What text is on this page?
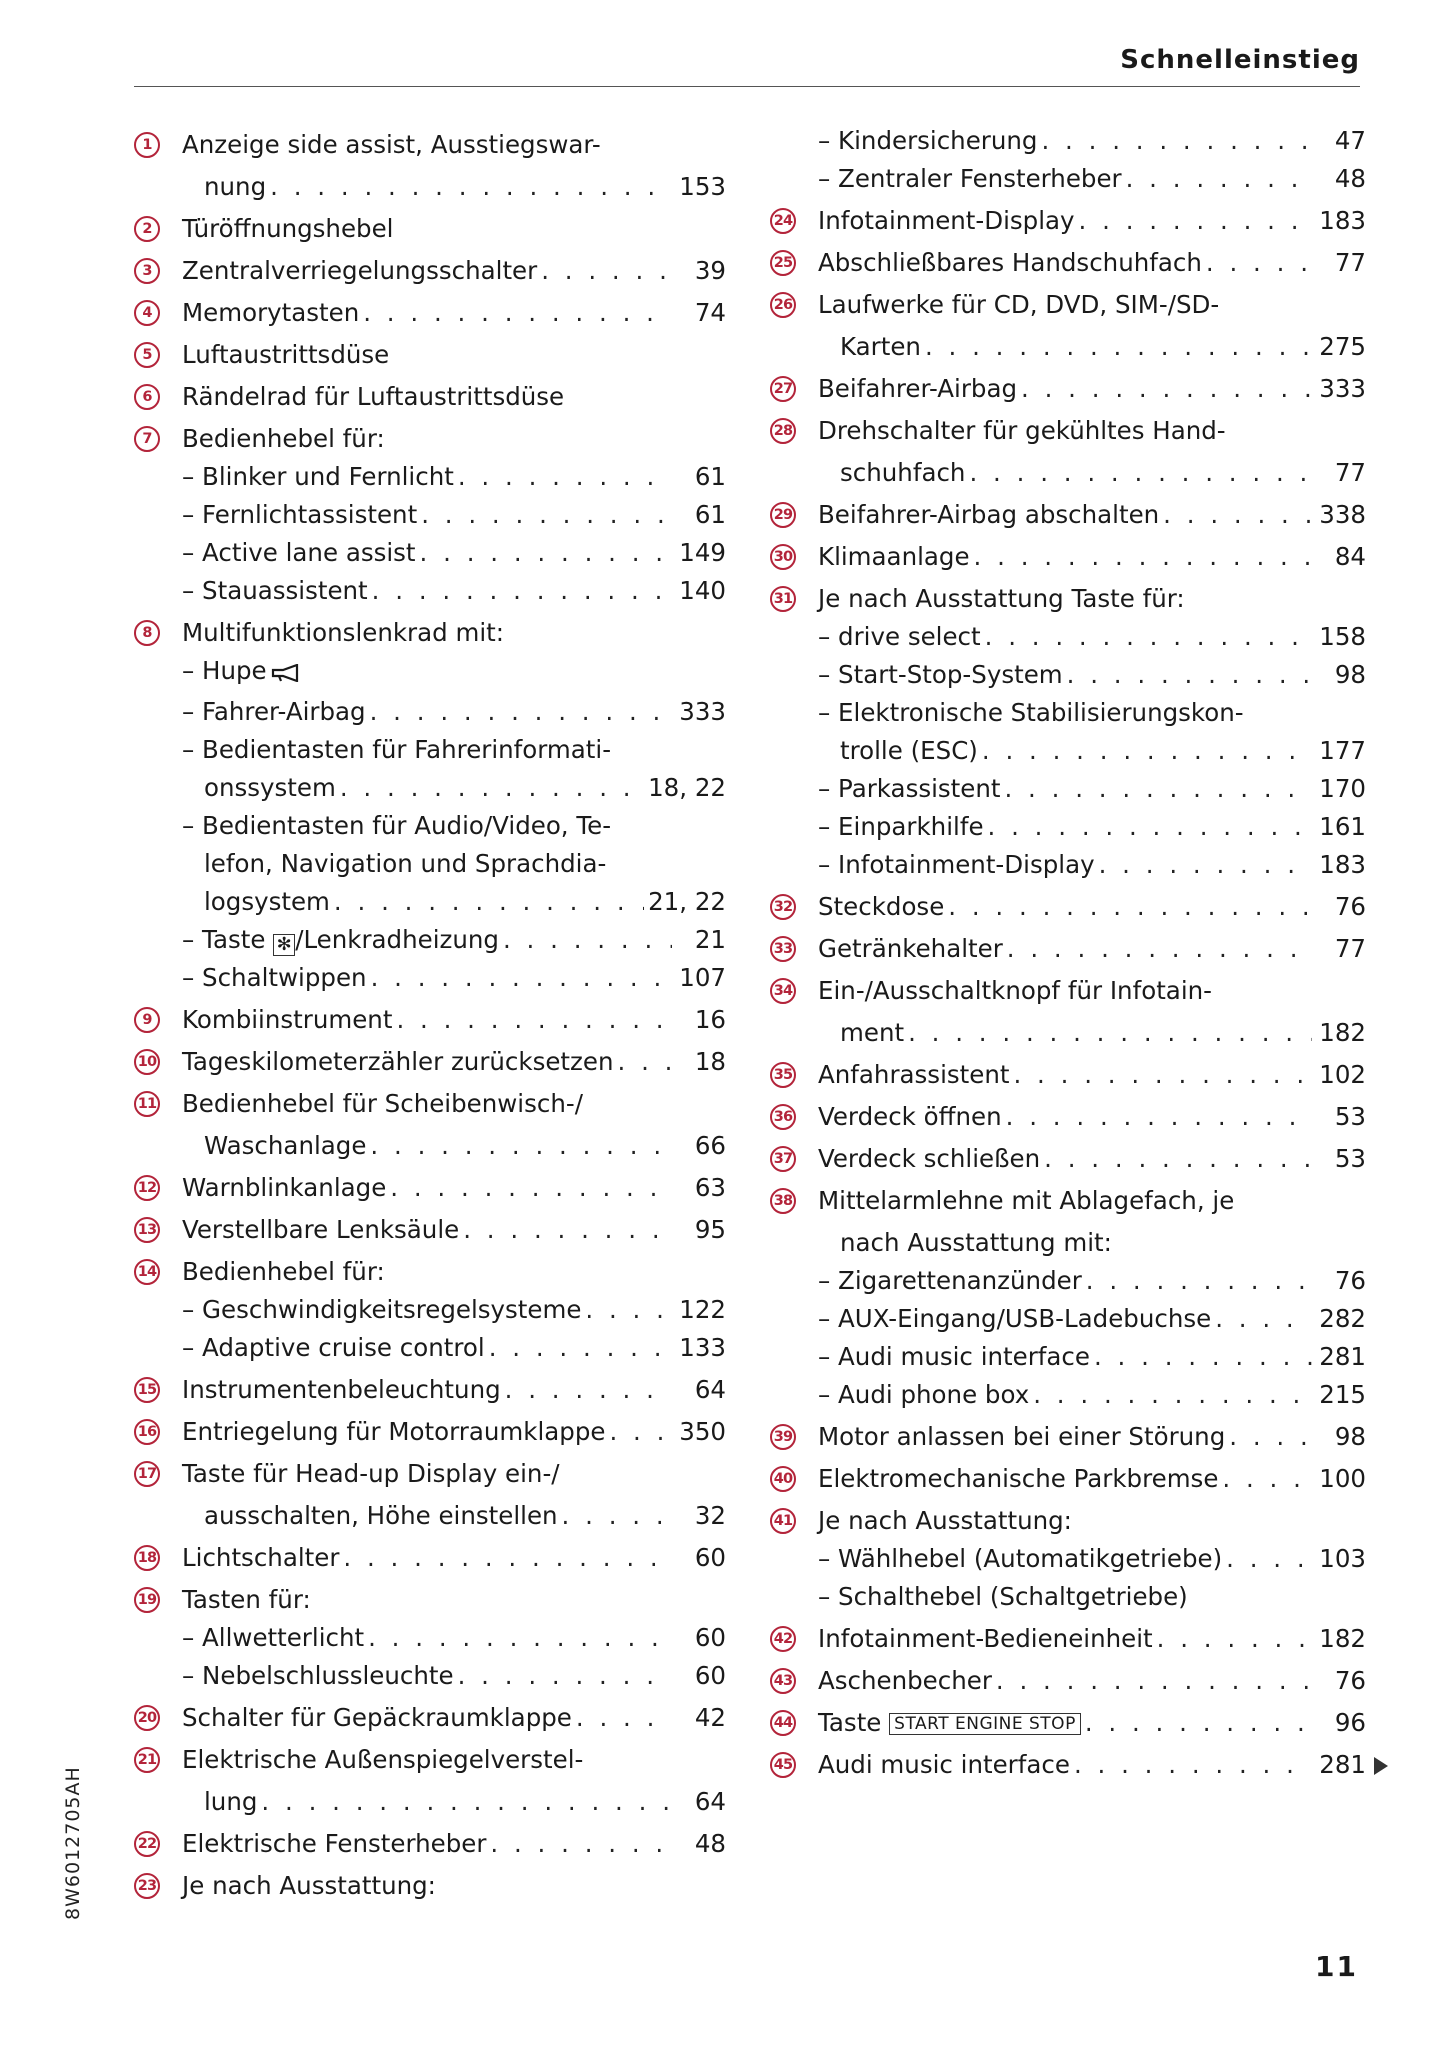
Schnelleinstieg
1	Anzeige side assist, Ausstiegswar-
nung . . .	153
2	Türöffnungshebel
3	Zentralverriegelungsschalter . . .	39
4	Memorytasten . . .	74
5	Luftaustrittsdüse
6	Rändelrad für Luftaustrittsdüse
7	Bedienhebel für:
– Blinker und Fernlicht . . .	61
– Fernlichtassistent . . .	61
– Active lane assist . . .	149
– Stauassistent . . .	140
8	Multifunktionslenkrad mit:
– Hupe
– Fahrer-Airbag . . .	333
– Bedientasten für Fahrerinformati-
onssystem . . .	18, 22
– Bedientasten für Audio/Video, Te-
lefon, Navigation und Sprachdia-
logsystem . . .	21, 22
– Taste ✻ /Lenkradheizung . . .	21
– Schaltwippen . . .	107
9	Kombiinstrument . . .	16
10 Tageskilometerzähler zurücksetzen . . .	18
11 Bedienhebel für Scheibenwisch-/
Waschanlage . . .	66
12 Warnblinkanlage . . .	63
13 Verstellbare Lenksäule . . .	95
14 Bedienhebel für:
– Geschwindigkeitsregelsysteme . . .	122
– Adaptive cruise control . . .	133
15 Instrumentenbeleuchtung . . .	64
16 Entriegelung für Motorraumklappe . . .	350
17 Taste für Head-up Display ein-/
ausschalten, Höhe einstellen . . .	32
18 Lichtschalter . . .	60
19 Tasten für:
– Allwetterlicht . . .	60
– Nebelschlussleuchte . . .	60
20 Schalter für Gepäckraumklappe . . .	42
21 Elektrische Außenspiegelverstel-
lung . . .	64
22 Elektrische Fensterheber . . .	48
23 Je nach Ausstattung:
– Kindersicherung . . .	47
– Zentraler Fensterheber . . .	48
24 Infotainment-Display . . .	183
25 Abschließbares Handschuhfach . . .	77
26 Laufwerke für CD, DVD, SIM-/SD-
Karten . . .	275
27 Beifahrer-Airbag . . .	333
28 Drehschalter für gekühltes Hand-
schuhfach . . .	77
29 Beifahrer-Airbag abschalten . . .	338
30 Klimaanlage . . .	84
31 Je nach Ausstattung Taste für:
– drive select . . .	158
– Start-Stop-System . . .	98
– Elektronische Stabilisierungskon-
trolle (ESC) . . .	177
– Parkassistent . . .	170
– Einparkhilfe . . .	161
– Infotainment-Display . . .	183
32 Steckdose . . .	76
33 Getränkehalter . . .	77
34 Ein-/Ausschaltknopf für Infotain-
ment . . .	182
35 Anfahrassistent . . .	102
36 Verdeck öffnen . . .	53
37 Verdeck schließen . . .	53
38 Mittelarmlehne mit Ablagefach, je
nach Ausstattung mit:
– Zigarettenanzünder . . .	76
– AUX-Eingang/USB-Ladebuchse . . .	282
– Audi music interface . . .	281
– Audi phone box . . .	215
39 Motor anlassen bei einer Störung . . .	98
40 Elektromechanische Parkbremse . . .	100
41 Je nach Ausstattung:
– Wählhebel (Automatikgetriebe) . . .	103
– Schalthebel (Schaltgetriebe)
42 Infotainment-Bedieneinheit . . .	182
43 Aschenbecher . . .	76
44 Taste START ENGINE STOP . . .	96
45 Audi music interface . . .	281
8W6012705AH
11
